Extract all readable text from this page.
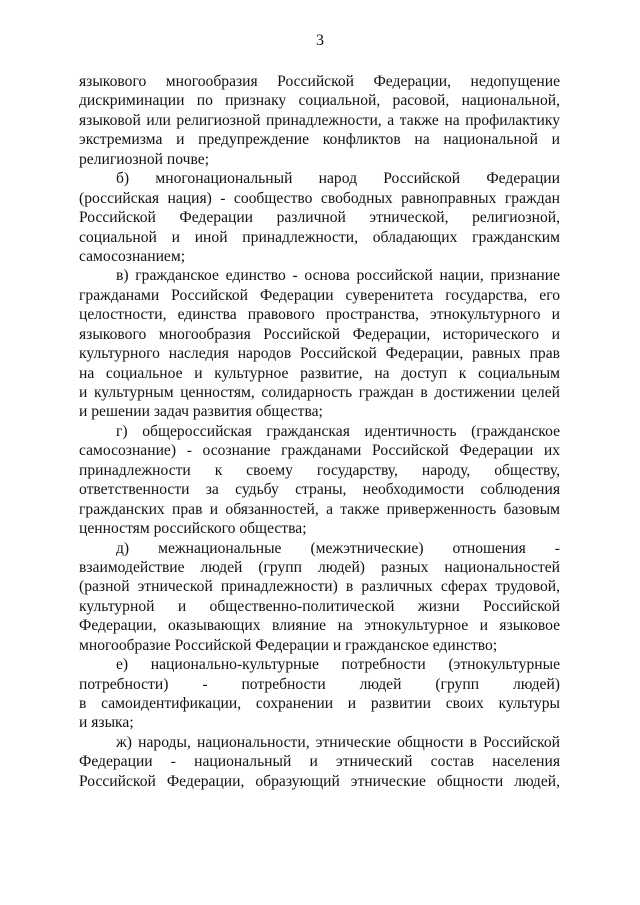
3
языкового многообразия Российской Федерации, недопущение
дискриминации по признаку социальной, расовой, национальной,
языковой или религиозной принадлежности, а также на профилактику
экстремизма и предупреждение конфликтов на национальной и
религиозной почве;
б) многонациональный народ Российской Федерации
(российская нация) - сообщество свободных равноправных граждан
Российской Федерации различной этнической, религиозной,
социальной и иной принадлежности, обладающих гражданским
самосознанием;
в) гражданское единство - основа российской нации, признание
гражданами Российской Федерации суверенитета государства, его
целостности, единства правового пространства, этнокультурного и
языкового многообразия Российской Федерации, исторического и
культурного наследия народов Российской Федерации, равных прав
на социальное и культурное развитие, на доступ к социальным
и культурным ценностям, солидарность граждан в достижении целей
и решении задач развития общества;
г) общероссийская гражданская идентичность (гражданское
самосознание) - осознание гражданами Российской Федерации их
принадлежности к своему государству, народу, обществу,
ответственности за судьбу страны, необходимости соблюдения
гражданских прав и обязанностей, а также приверженность базовым
ценностям российского общества;
д) межнациональные (межэтнические) отношения -
взаимодействие людей (групп людей) разных национальностей
(разной этнической принадлежности) в различных сферах трудовой,
культурной и общественно-политической жизни Российской
Федерации, оказывающих влияние на этнокультурное и языковое
многообразие Российской Федерации и гражданское единство;
е) национально-культурные потребности (этнокультурные
потребности) - потребности людей (групп людей)
в самоидентификации, сохранении и развитии своих культуры
и языка;
ж) народы, национальности, этнические общности в Российской
Федерации - национальный и этнический состав населения
Российской Федерации, образующий этнические общности людей,
